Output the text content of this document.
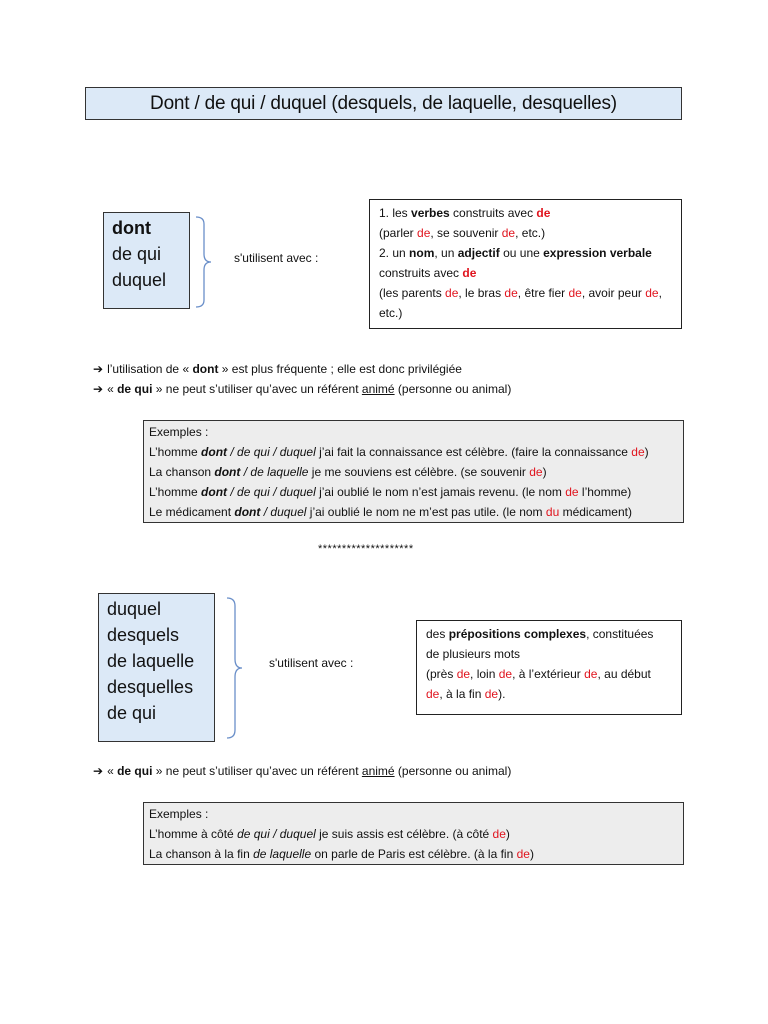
Dont / de qui / duquel (desquels, de laquelle, desquelles)
dont
de qui
duquel
s'utilisent avec :
1. les verbes construits avec de
(parler de, se souvenir de, etc.)
2. un nom, un adjectif ou une expression verbale
construits avec de
(les parents de, le bras de, être fier de, avoir peur de,
etc.)
➔ l’utilisation de « dont » est plus fréquente ; elle est donc privilégiée
➔ « de qui » ne peut s’utiliser qu’avec un référent animé (personne ou animal)
Exemples :
L’homme dont / de qui / duquel j’ai fait la connaissance est célèbre. (faire la connaissance de)
La chanson dont / de laquelle je me souviens est célèbre. (se souvenir de)
L’homme dont / de qui / duquel j’ai oublié le nom n’est jamais revenu. (le nom de l’homme)
Le médicament dont / duquel j’ai oublié le nom ne m’est pas utile. (le nom du médicament)
********************
duquel
desquels
de laquelle
desquelles
de qui
s'utilisent avec :
des prépositions complexes, constituées
de plusieurs mots
(près de, loin de, à l’extérieur de, au début
de, à la fin de).
➔ « de qui » ne peut s’utiliser qu’avec un référent animé (personne ou animal)
Exemples :
L’homme à côté de qui / duquel je suis assis est célèbre. (à côté de)
La chanson à la fin de laquelle on parle de Paris est célèbre. (à la fin de)
